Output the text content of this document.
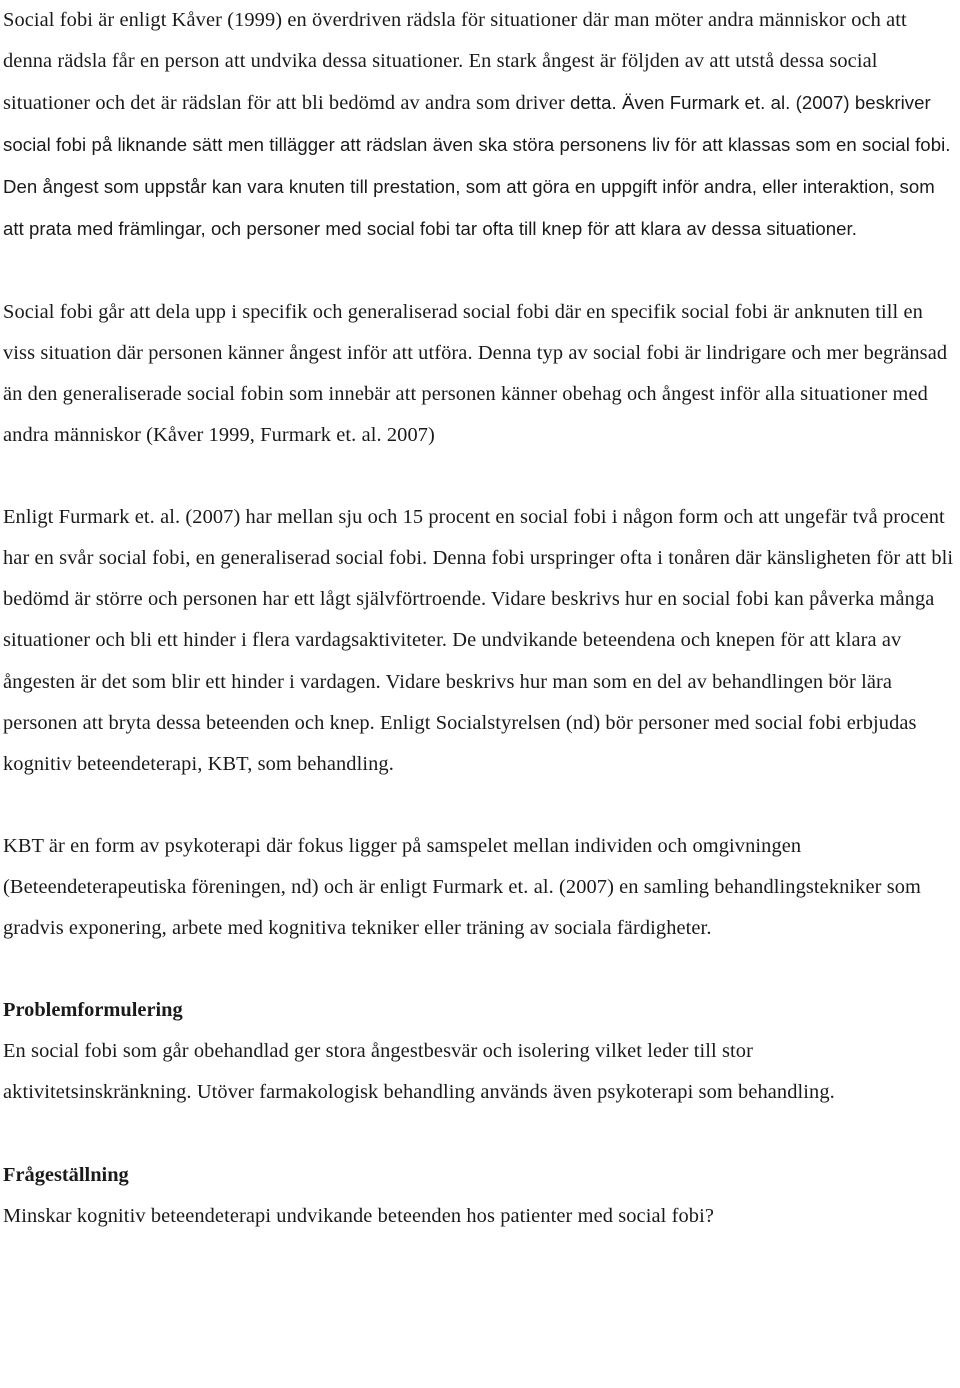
Social fobi är enligt Kåver (1999) en överdriven rädsla för situationer där man möter andra människor och att denna rädsla får en person att undvika dessa situationer. En stark ångest är följden av att utstå dessa social situationer och det är rädslan för att bli bedömd av andra som driver detta. Även Furmark et. al. (2007) beskriver social fobi på liknande sätt men tillägger att rädslan även ska störa personens liv för att klassas som en social fobi. Den ångest som uppstår kan vara knuten till prestation, som att göra en uppgift inför andra, eller interaktion, som att prata med främlingar, och personer med social fobi tar ofta till knep för att klara av dessa situationer.

Social fobi går att dela upp i specifik och generaliserad social fobi där en specifik social fobi är anknuten till en viss situation där personen känner ångest inför att utföra. Denna typ av social fobi är lindrigare och mer begränsad än den generaliserade social fobin som innebär att personen känner obehag och ångest inför alla situationer med andra människor (Kåver 1999, Furmark et. al. 2007)

Enligt Furmark et. al. (2007) har mellan sju och 15 procent en social fobi i någon form och att ungefär två procent har en svår social fobi, en generaliserad social fobi. Denna fobi urspringer ofta i tonåren där känsligheten för att bli bedömd är större och personen har ett lågt självförtroende. Vidare beskrivs hur en social fobi kan påverka många situationer och bli ett hinder i flera vardagsaktiviteter. De undvikande beteendena och knepen för att klara av ångesten är det som blir ett hinder i vardagen. Vidare beskrivs hur man som en del av behandlingen bör lära personen att bryta dessa beteenden och knep. Enligt Socialstyrelsen (nd) bör personer med social fobi erbjudas kognitiv beteendeterapi, KBT, som behandling.

KBT är en form av psykoterapi där fokus ligger på samspelet mellan individen och omgivningen (Beteendeterapeutiska föreningen, nd) och är enligt Furmark et. al. (2007) en samling behandlingstekniker som gradvis exponering, arbete med kognitiva tekniker eller träning av sociala färdigheter.

Problemformulering

En social fobi som går obehandlad ger stora ångestbesvär och isolering vilket leder till stor aktivitetsinskränkning. Utöver farmakologisk behandling används även psykoterapi som behandling.

Frågeställning

Minskar kognitiv beteendeterapi undvikande beteenden hos patienter med social fobi?
